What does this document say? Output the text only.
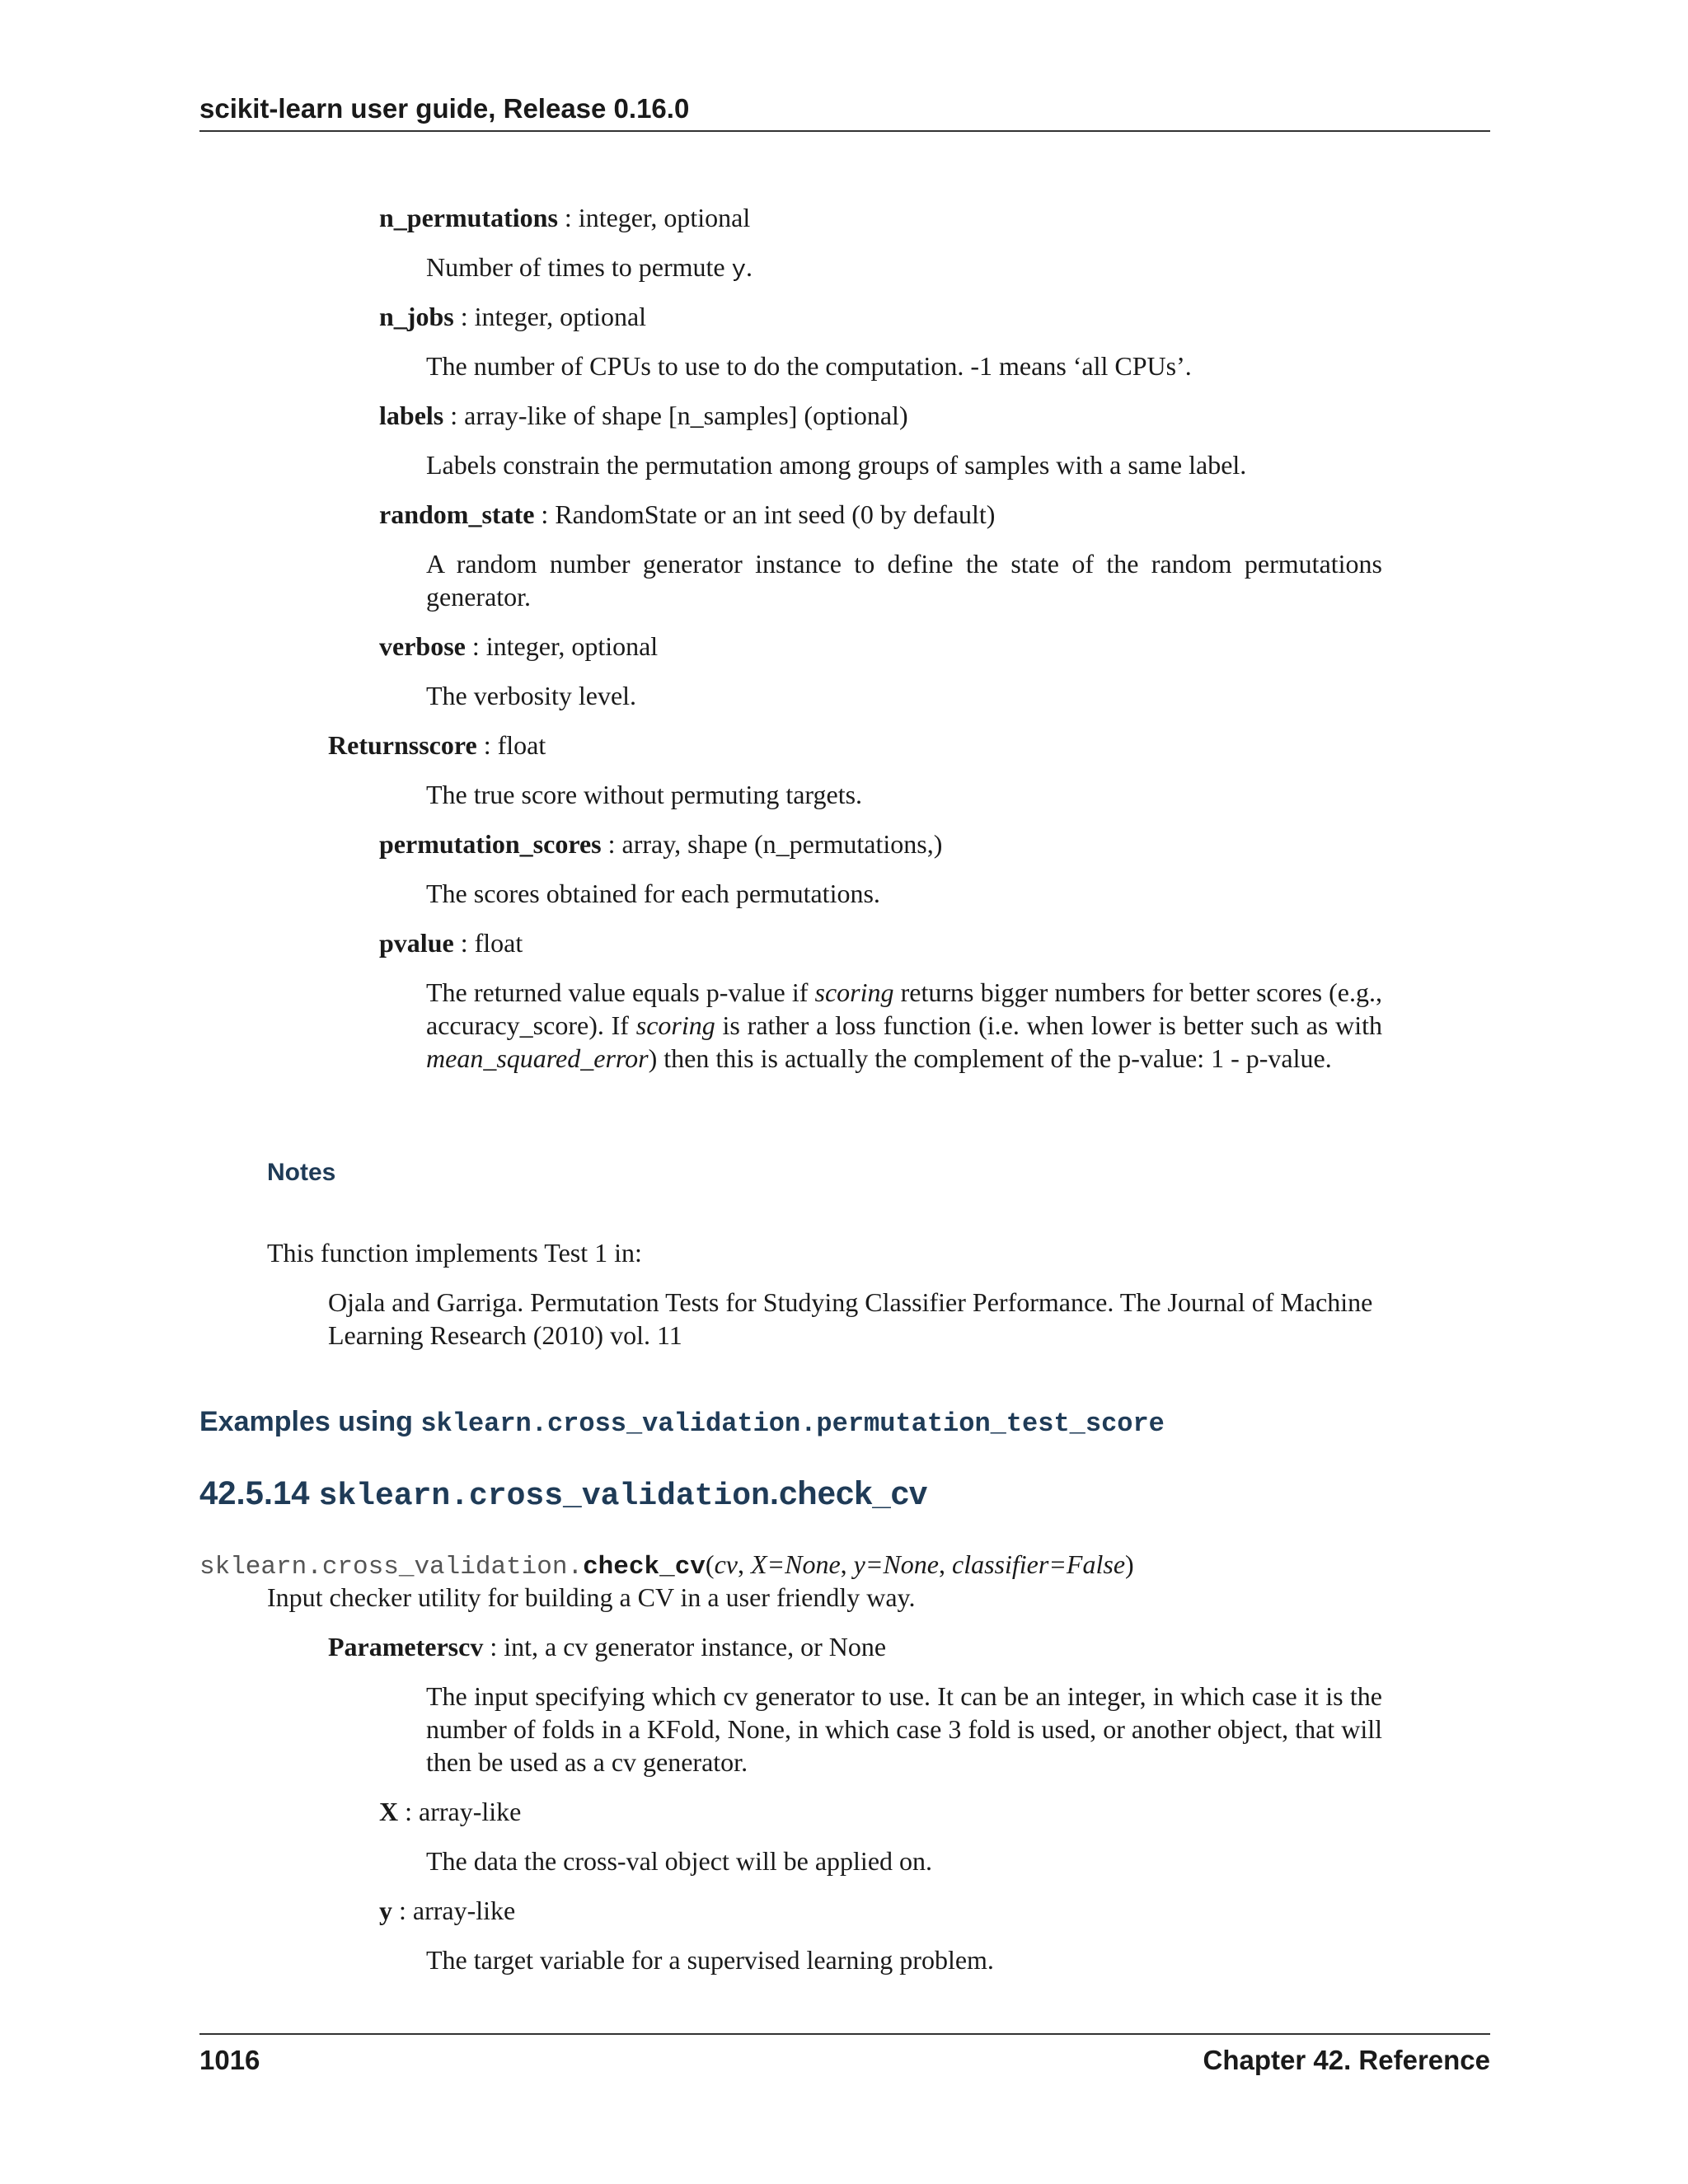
scikit-learn user guide, Release 0.16.0
n_permutations : integer, optional
Number of times to permute y.
n_jobs : integer, optional
The number of CPUs to use to do the computation. -1 means ‘all CPUs’.
labels : array-like of shape [n_samples] (optional)
Labels constrain the permutation among groups of samples with a same label.
random_state : RandomState or an int seed (0 by default)
A random number generator instance to define the state of the random permutations generator.
verbose : integer, optional
The verbosity level.
Returnsscore : float
The true score without permuting targets.
permutation_scores : array, shape (n_permutations,)
The scores obtained for each permutations.
pvalue : float
The returned value equals p-value if scoring returns bigger numbers for better scores (e.g., accuracy_score). If scoring is rather a loss function (i.e. when lower is better such as with mean_squared_error) then this is actually the complement of the p-value: 1 - p-value.
Notes
This function implements Test 1 in:
Ojala and Garriga. Permutation Tests for Studying Classifier Performance. The Journal of Machine Learning Research (2010) vol. 11
Examples using sklearn.cross_validation.permutation_test_score
42.5.14 sklearn.cross_validation.check_cv
sklearn.cross_validation.check_cv(cv, X=None, y=None, classifier=False)
Input checker utility for building a CV in a user friendly way.
Parameterscv : int, a cv generator instance, or None
The input specifying which cv generator to use. It can be an integer, in which case it is the number of folds in a KFold, None, in which case 3 fold is used, or another object, that will then be used as a cv generator.
X : array-like
The data the cross-val object will be applied on.
y : array-like
The target variable for a supervised learning problem.
1016	Chapter 42. Reference
